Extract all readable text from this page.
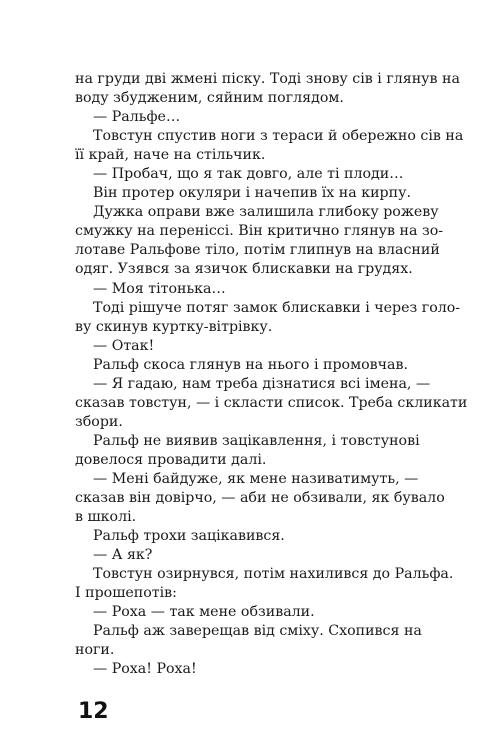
на груди дві жмені піску. Тоді знову сів і глянув на
воду збудженим, сяйним поглядом.
— Ральфе…
Товстун спустив ноги з тераси й обережно сів на
її край, наче на стільчик.
— Пробач, що я так довго, але ті плоди…
Він протер окуляри і начепив їх на кирпу.
Дужка оправи вже залишила глибоку рожеву
смужку на переніссі. Він критично глянув на зо-
лотаве Ральфове тіло, потім глипнув на власний
одяг. Узявся за язичок блискавки на грудях.
— Моя тітонька…
Тоді рішуче потяг замок блискавки і через голо-
ву скинув куртку-вітрівку.
— Отак!
Ральф скоса глянув на нього і промовчав.
— Я гадаю, нам треба дізнатися всі імена, —
сказав товстун, — і скласти список. Треба скликати
збори.
Ральф не виявив зацікавлення, і товстунові
довелося провадити далі.
— Мені байдуже, як мене називатимуть, —
сказав він довірчо, — аби не обзивали, як бувало
в школі.
Ральф трохи зацікавився.
— А як?
Товстун озирнувся, потім нахилився до Ральфа.
І прошепотів:
— Роха — так мене обзивали.
Ральф аж заверещав від сміху. Схопився на
ноги.
— Роха! Роха!
12
